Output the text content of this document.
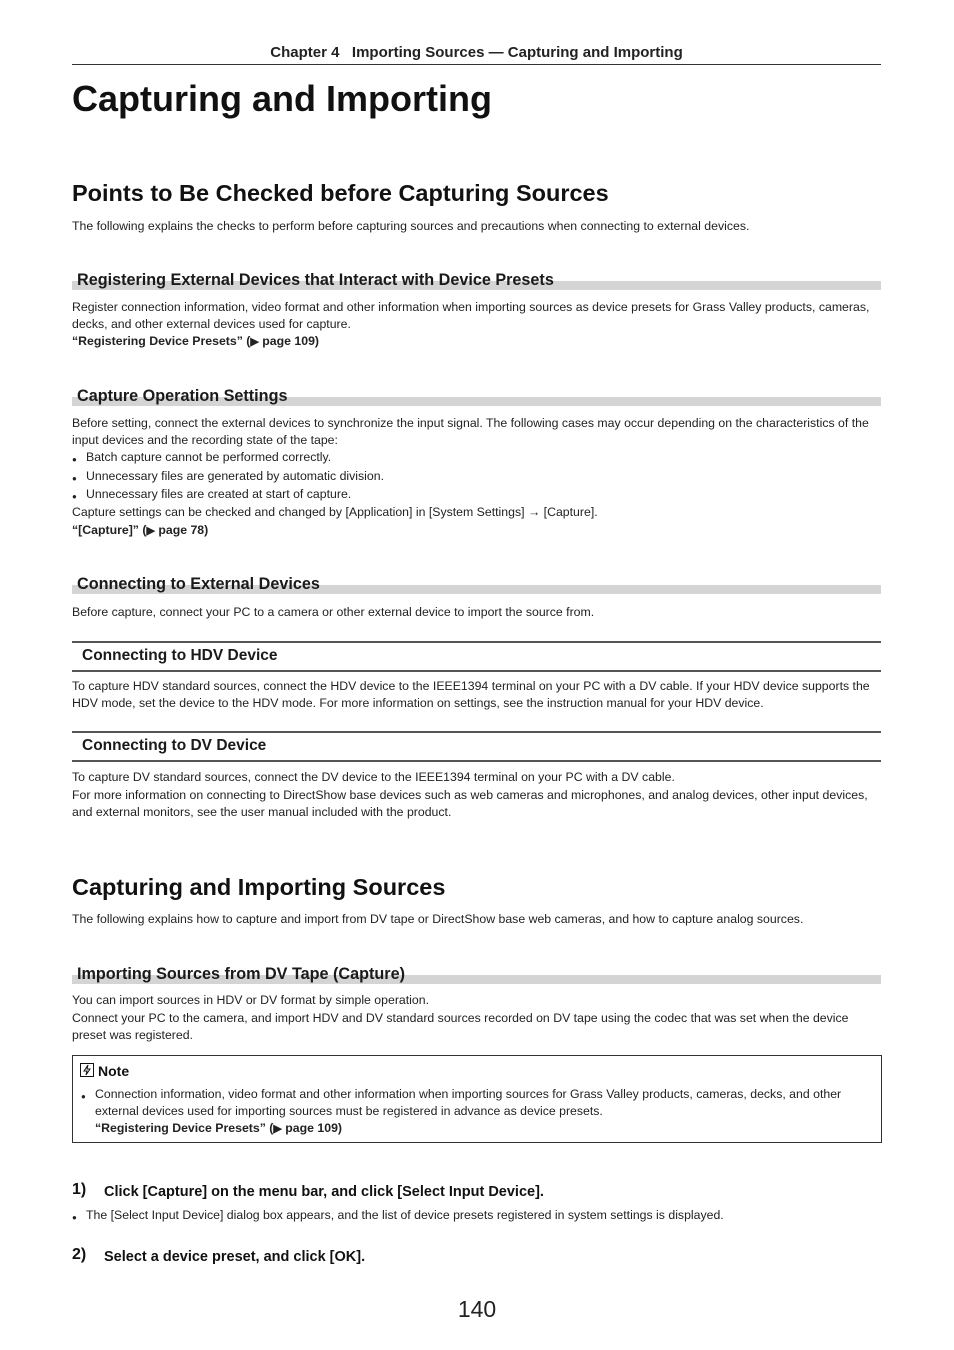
Chapter 4   Importing Sources — Capturing and Importing
Capturing and Importing
Points to Be Checked before Capturing Sources

The following explains the checks to perform before capturing sources and precautions when connecting to external devices.

Registering External Devices that Interact with Device Presets

Register connection information, video format and other information when importing sources as device presets for Grass Valley products, cameras, decks, and other external devices used for capture.

“Registering Device Presets” (▶ page 109)
Capture Operation Settings

Before setting, connect the external devices to synchronize the input signal. The following cases may occur depending on the characteristics of the input devices and the recording state of the tape:

● Batch capture cannot be performed correctly.
● Unnecessary files are generated by automatic division.
● Unnecessary files are created at start of capture.

Capture settings can be checked and changed by [Application] in [System Settings] → [Capture].

“[Capture]” (▶ page 78)
Connecting to External Devices

Before capture, connect your PC to a camera or other external device to import the source from.

Connecting to HDV Device

To capture HDV standard sources, connect the HDV device to the IEEE1394 terminal on your PC with a DV cable. If your HDV device supports the HDV mode, set the device to the HDV mode. For more information on settings, see the instruction manual for your HDV device.

Connecting to DV Device

To capture DV standard sources, connect the DV device to the IEEE1394 terminal on your PC with a DV cable.

For more information on connecting to DirectShow base devices such as web cameras and microphones, and analog devices, other input devices, and external monitors, see the user manual included with the product.

Capturing and Importing Sources

The following explains how to capture and import from DV tape or DirectShow base web cameras, and how to capture analog sources.

Importing Sources from DV Tape (Capture)

You can import sources in HDV or DV format by simple operation.

Connect your PC to the camera, and import HDV and DV standard sources recorded on DV tape using the codec that was set when the device preset was registered.

Note
● Connection information, video format and other information when importing sources for Grass Valley products, cameras, decks, and other external devices used for importing sources must be registered in advance as device presets.
“Registering Device Presets” (▶ page 109)
1) Click [Capture] on the menu bar, and click [Select Input Device].
● The [Select Input Device] dialog box appears, and the list of device presets registered in system settings is displayed.
2) Select a device preset, and click [OK].
140
